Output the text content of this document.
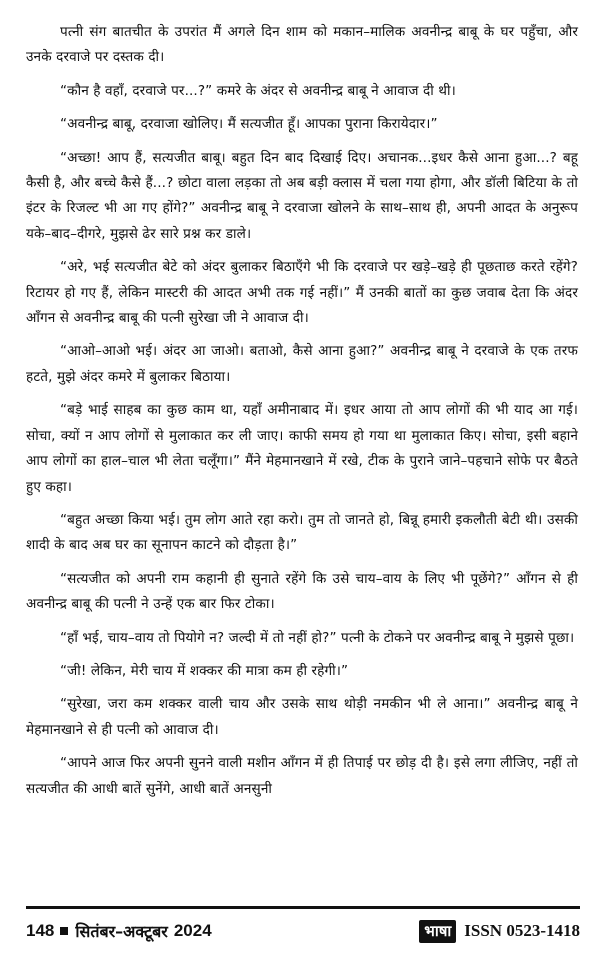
पत्नी संग बातचीत के उपरांत मैं अगले दिन शाम को मकान–मालिक अवनीन्द्र बाबू के घर पहुँचा, और उनके दरवाजे पर दस्तक दी।

“कौन है वहाँ, दरवाजे पर...?” कमरे के अंदर से अवनीन्द्र बाबू ने आवाज दी थी।

“अवनीन्द्र बाबू, दरवाजा खोलिए। मैं सत्यजीत हूँ। आपका पुराना किरायेदार।”

“अच्छा! आप हैं, सत्यजीत बाबू। बहुत दिन बाद दिखाई दिए। अचानक...इधर कैसे आना हुआ...? बहू कैसी है, और बच्चे कैसे हैं...? छोटा वाला लड़का तो अब बड़ी क्लास में चला गया होगा, और डॉली बिटिया के तो इंटर के रिजल्ट भी आ गए होंगे?” अवनीन्द्र बाबू ने दरवाजा खोलने के साथ–साथ ही, अपनी आदत के अनुरूप यके–बाद–दीगरे, मुझसे ढेर सारे प्रश्न कर डाले।

“अरे, भई सत्यजीत बेटे को अंदर बुलाकर बिठाएँगे भी कि दरवाजे पर खड़े–खड़े ही पूछताछ करते रहेंगे? रिटायर हो गए हैं, लेकिन मास्टरी की आदत अभी तक गई नहीं।” मैं उनकी बातों का कुछ जवाब देता कि अंदर आँगन से अवनीन्द्र बाबू की पत्नी सुरेखा जी ने आवाज दी।

“आओ–आओ भई। अंदर आ जाओ। बताओ, कैसे आना हुआ?” अवनीन्द्र बाबू ने दरवाजे के एक तरफ हटते, मुझे अंदर कमरे में बुलाकर बिठाया।

“बड़े भाई साहब का कुछ काम था, यहाँ अमीनाबाद में। इधर आया तो आप लोगों की भी याद आ गई। सोचा, क्यों न आप लोगों से मुलाकात कर ली जाए। काफी समय हो गया था मुलाकात किए। सोचा, इसी बहाने आप लोगों का हाल–चाल भी लेता चलूँगा।” मैंने मेहमानखाने में रखे, टीक के पुराने जाने–पहचाने सोफे पर बैठते हुए कहा।

“बहुत अच्छा किया भई। तुम लोग आते रहा करो। तुम तो जानते हो, बिन्नू हमारी इकलौती बेटी थी। उसकी शादी के बाद अब घर का सूनापन काटने को दौड़ता है।”

“सत्यजीत को अपनी राम कहानी ही सुनाते रहेंगे कि उसे चाय–वाय के लिए भी पूछेंगे?” आँगन से ही अवनीन्द्र बाबू की पत्नी ने उन्हें एक बार फिर टोका।

“हाँ भई, चाय–वाय तो पियोगे न? जल्दी में तो नहीं हो?” पत्नी के टोकने पर अवनीन्द्र बाबू ने मुझसे पूछा।

“जी! लेकिन, मेरी चाय में शक्कर की मात्रा कम ही रहेगी।”

“सुरेखा, जरा कम शक्कर वाली चाय और उसके साथ थोड़ी नमकीन भी ले आना।” अवनीन्द्र बाबू ने मेहमानखाने से ही पत्नी को आवाज दी।

“आपने आज फिर अपनी सुनने वाली मशीन आँगन में ही तिपाई पर छोड़ दी है। इसे लगा लीजिए, नहीं तो सत्यजीत की आधी बातें सुनेंगे, आधी बातें अनसुनी

148 सितंबर–अक्टूबर 2024	भाषा ISSN 0523-1418
